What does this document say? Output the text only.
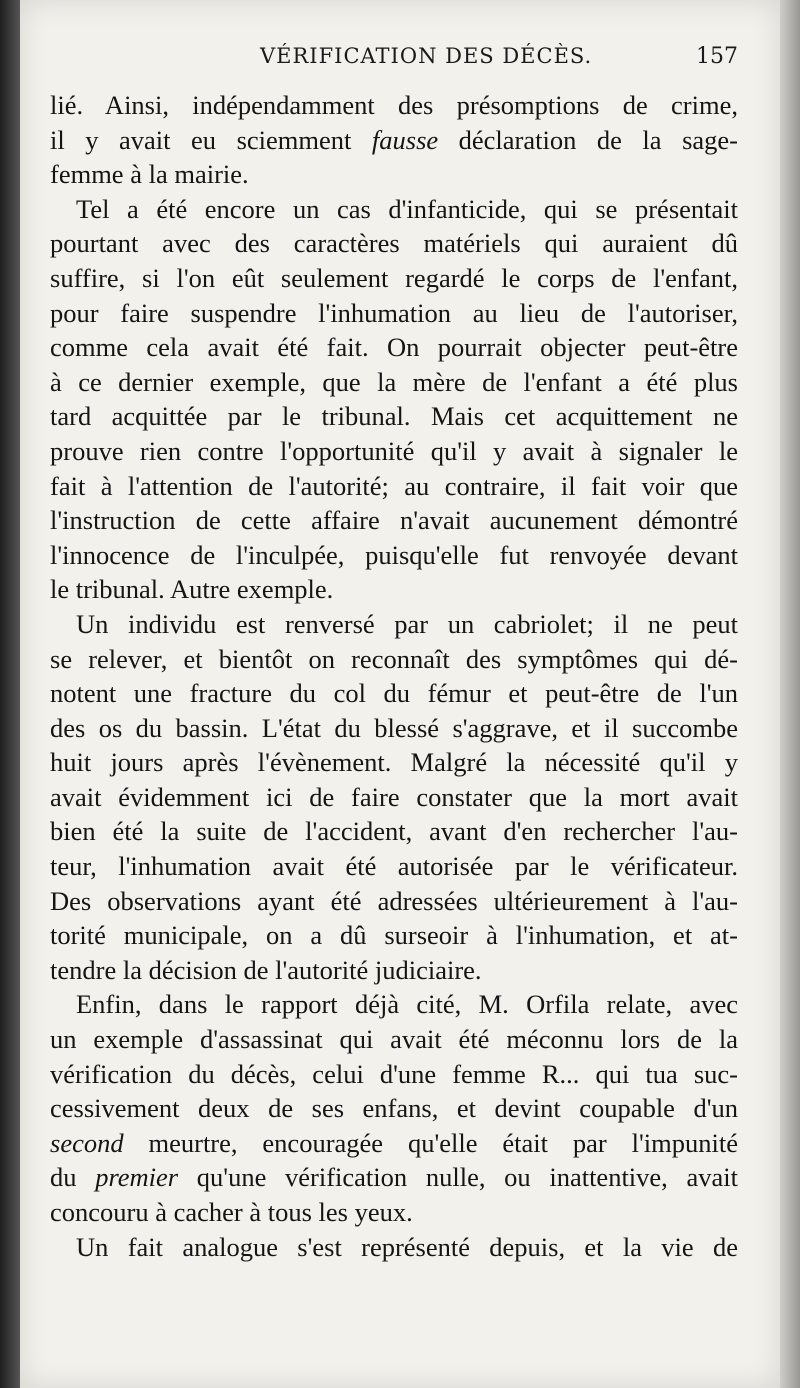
VÉRIFICATION DES DÉCÈS.	157
lié. Ainsi, indépendamment des présomptions de crime,
il y avait eu sciemment fausse déclaration de la sage-
femme à la mairie.
Tel a été encore un cas d'infanticide, qui se présentait
pourtant avec des caractères matériels qui auraient dû
suffire, si l'on eût seulement regardé le corps de l'enfant,
pour faire suspendre l'inhumation au lieu de l'autoriser,
comme cela avait été fait. On pourrait objecter peut-être
à ce dernier exemple, que la mère de l'enfant a été plus
tard acquittée par le tribunal. Mais cet acquittement ne
prouve rien contre l'opportunité qu'il y avait à signaler le
fait à l'attention de l'autorité; au contraire, il fait voir que
l'instruction de cette affaire n'avait aucunement démontré
l'innocence de l'inculpée, puisqu'elle fut renvoyée devant
le tribunal. Autre exemple.
Un individu est renversé par un cabriolet; il ne peut
se relever, et bientôt on reconnaît des symptômes qui dé-
notent une fracture du col du fémur et peut-être de l'un
des os du bassin. L'état du blessé s'aggrave, et il succombe
huit jours après l'évènement. Malgré la nécessité qu'il y
avait évidemment ici de faire constater que la mort avait
bien été la suite de l'accident, avant d'en rechercher l'au-
teur, l'inhumation avait été autorisée par le vérificateur.
Des observations ayant été adressées ultérieurement à l'au-
torité municipale, on a dû surseoir à l'inhumation, et at-
tendre la décision de l'autorité judiciaire.
Enfin, dans le rapport déjà cité, M. Orfila relate, avec
un exemple d'assassinat qui avait été méconnu lors de la
vérification du décès, celui d'une femme R... qui tua suc-
cessivement deux de ses enfans, et devint coupable d'un
second meurtre, encouragée qu'elle était par l'impunité
du premier qu'une vérification nulle, ou inattentive, avait
concouru à cacher à tous les yeux.
Un fait analogue s'est représenté depuis, et la vie de
